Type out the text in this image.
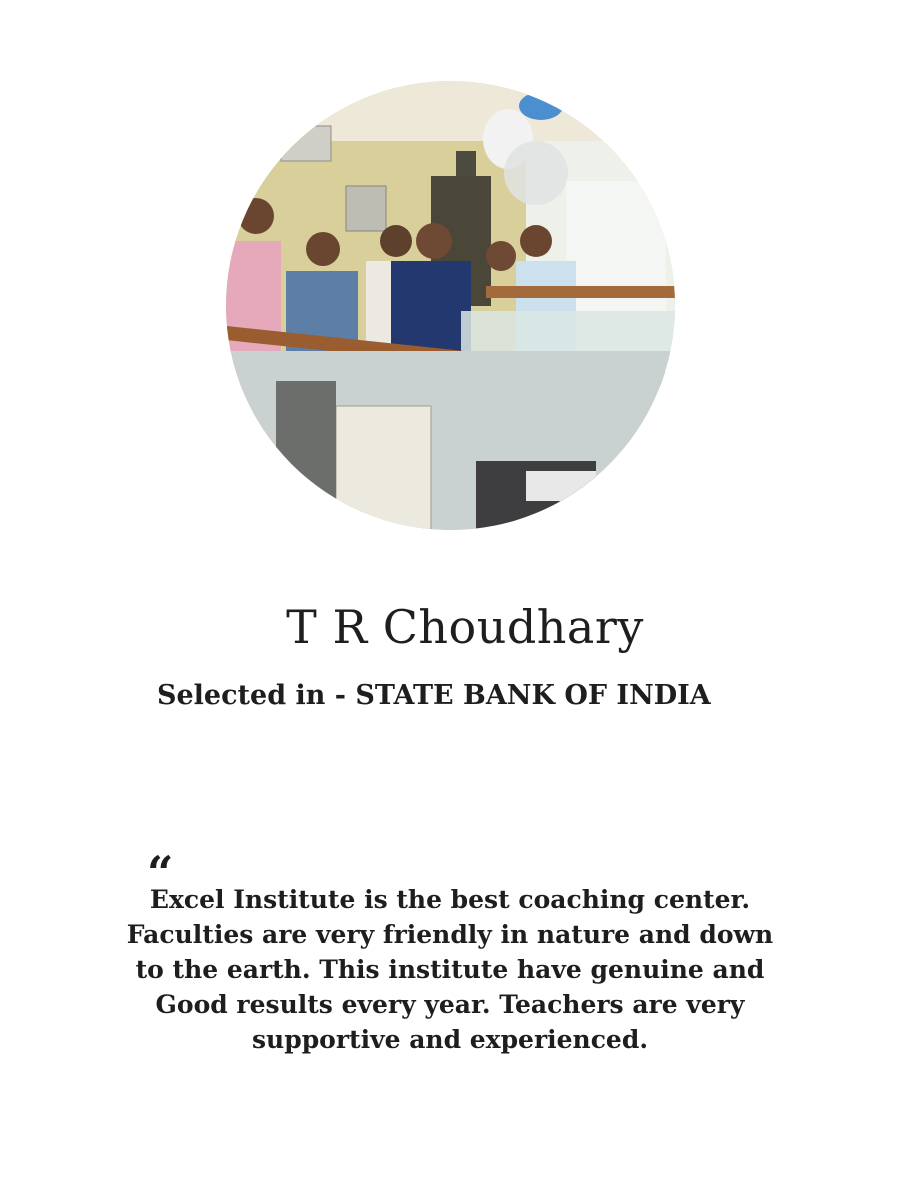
T R Choudhary

Selected in - STATE BANK OF INDIA

“

Excel Institute is the best coaching center. Faculties are very friendly in nature and down to the earth. This institute have genuine and Good results every year. Teachers are very supportive and experienced.
